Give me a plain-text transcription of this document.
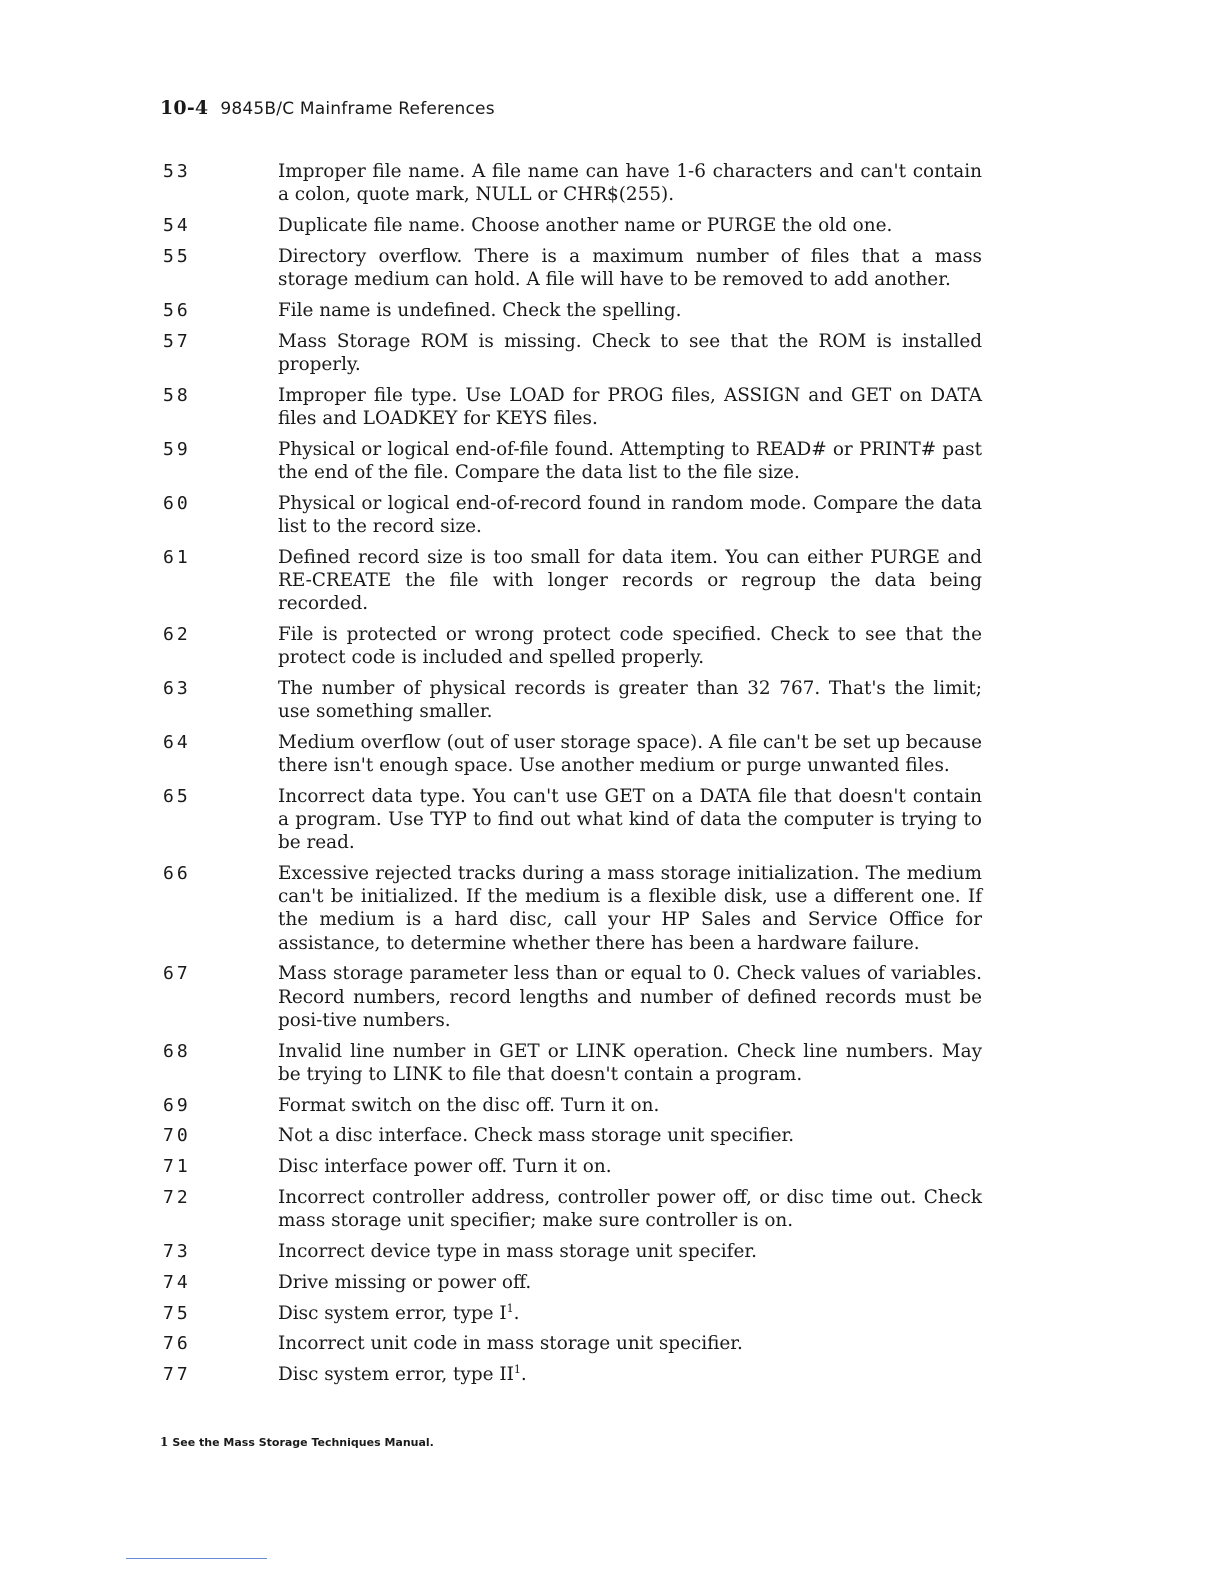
10-4 9845B/C Mainframe References
53	Improper file name. A file name can have 1-6 characters and can't contain a colon, quote mark, NULL or CHR$(255).
54	Duplicate file name. Choose another name or PURGE the old one.
55	Directory overflow. There is a maximum number of files that a mass storage medium can hold. A file will have to be removed to add another.
56	File name is undefined. Check the spelling.
57	Mass Storage ROM is missing. Check to see that the ROM is installed properly.
58	Improper file type. Use LOAD for PROG files, ASSIGN and GET on DATA files and LOADKEY for KEYS files.
59	Physical or logical end-of-file found. Attempting to READ# or PRINT# past the end of the file. Compare the data list to the file size.
60	Physical or logical end-of-record found in random mode. Compare the data list to the record size.
61	Defined record size is too small for data item. You can either PURGE and RE-CREATE the file with longer records or regroup the data being recorded.
62	File is protected or wrong protect code specified. Check to see that the protect code is included and spelled properly.
63	The number of physical records is greater than 32 767. That's the limit; use something smaller.
64	Medium overflow (out of user storage space). A file can't be set up because there isn't enough space. Use another medium or purge unwanted files.
65	Incorrect data type. You can't use GET on a DATA file that doesn't contain a program. Use TYP to find out what kind of data the computer is trying to be read.
66	Excessive rejected tracks during a mass storage initialization. The medium can't be initialized. If the medium is a flexible disk, use a different one. If the medium is a hard disc, call your HP Sales and Service Office for assistance, to determine whether there has been a hardware failure.
67	Mass storage parameter less than or equal to 0. Check values of variables. Record numbers, record lengths and number of defined records must be posi-tive numbers.
68	Invalid line number in GET or LINK operation. Check line numbers. May be trying to LINK to file that doesn't contain a program.
69	Format switch on the disc off. Turn it on.
70	Not a disc interface. Check mass storage unit specifier.
71	Disc interface power off. Turn it on.
72	Incorrect controller address, controller power off, or disc time out. Check mass storage unit specifier; make sure controller is on.
73	Incorrect device type in mass storage unit specifer.
74	Drive missing or power off.
75	Disc system error, type $I^1$.
76	Incorrect unit code in mass storage unit specifier.
77	Disc system error, type $II^1$.
1 See the Mass Storage Techniques Manual.
